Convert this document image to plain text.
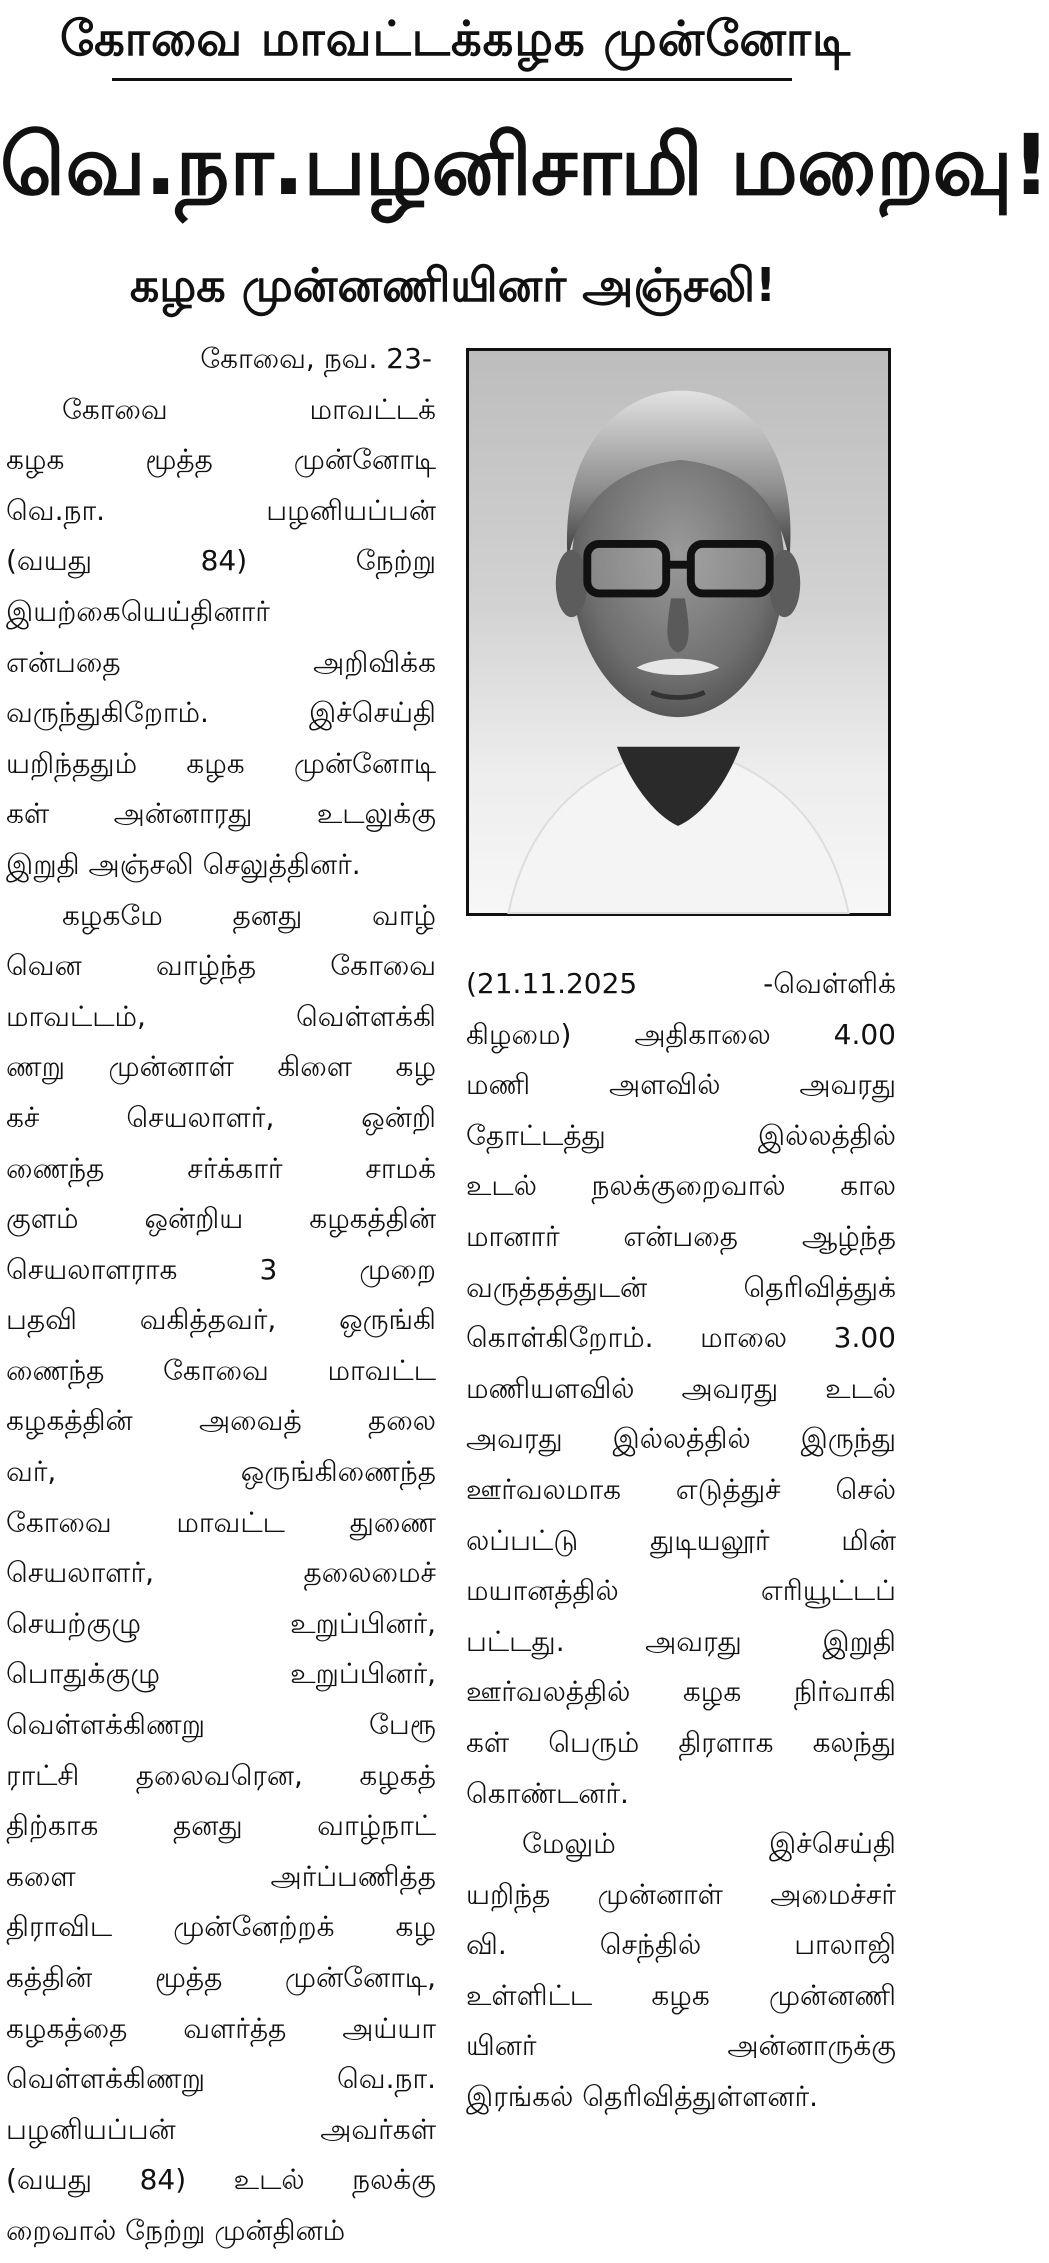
கோவை மாவட்டக்கழக முன்னோடி
வெ.நா.பழனிசாமி மறைவு!
கழக முன்னணியினர் அஞ்சலி!
கோவை, நவ. 23-
கோவை மாவட்டக்
கழக மூத்த முன்னோடி
வெ.நா. பழனியப்பன்
(வயது 84) நேற்று
இயற்கையெய்தினார்
என்பதை அறிவிக்க
வருந்துகிறோம். இச்செய்தி
யறிந்ததும் கழக முன்னோடி
கள் அன்னாரது உடலுக்கு
இறுதி அஞ்சலி செலுத்தினர்.
கழகமே தனது வாழ்
வென வாழ்ந்த கோவை
மாவட்டம், வெள்ளக்கி
ணறு முன்னாள் கிளை கழ
கச் செயலாளர், ஒன்றி
ணைந்த சர்க்கார் சாமக்
குளம் ஒன்றிய கழகத்தின்
செயலாளராக 3 முறை
பதவி வகித்தவர், ஒருங்கி
ணைந்த கோவை மாவட்ட
கழகத்தின் அவைத் தலை
வர், ஒருங்கிணைந்த
கோவை மாவட்ட துணை
செயலாளர், தலைமைச்
செயற்குழு உறுப்பினர்,
பொதுக்குழு உறுப்பினர்,
வெள்ளக்கிணறு பேரூ
ராட்சி தலைவரென, கழகத்
திற்காக தனது வாழ்நாட்
களை அர்ப்பணித்த
திராவிட முன்னேற்றக் கழ
கத்தின் மூத்த முன்னோடி,
கழகத்தை வளர்த்த அய்யா
வெள்ளக்கிணறு வெ.நா.
பழனியப்பன் அவர்கள்
(வயது 84) உடல் நலக்கு
றைவால் நேற்று முன்தினம்
(21.11.2025 -வெள்ளிக்
கிழமை) அதிகாலை 4.00
மணி அளவில் அவரது
தோட்டத்து இல்லத்தில்
உடல் நலக்குறைவால் கால
மானார் என்பதை ஆழ்ந்த
வருத்தத்துடன் தெரிவித்துக்
கொள்கிறோம். மாலை 3.00
மணியளவில் அவரது உடல்
அவரது இல்லத்தில் இருந்து
ஊர்வலமாக எடுத்துச் செல்
லப்பட்டு துடியலூர் மின்
மயானத்தில் எரியூட்டப்
பட்டது. அவரது இறுதி
ஊர்வலத்தில் கழக நிர்வாகி
கள் பெரும் திரளாக கலந்து
கொண்டனர்.
மேலும் இச்செய்தி
யறிந்த முன்னாள் அமைச்சர்
வி. செந்தில் பாலாஜி
உள்ளிட்ட கழக முன்னணி
யினர் அன்னாருக்கு
இரங்கல் தெரிவித்துள்ளனர்.
